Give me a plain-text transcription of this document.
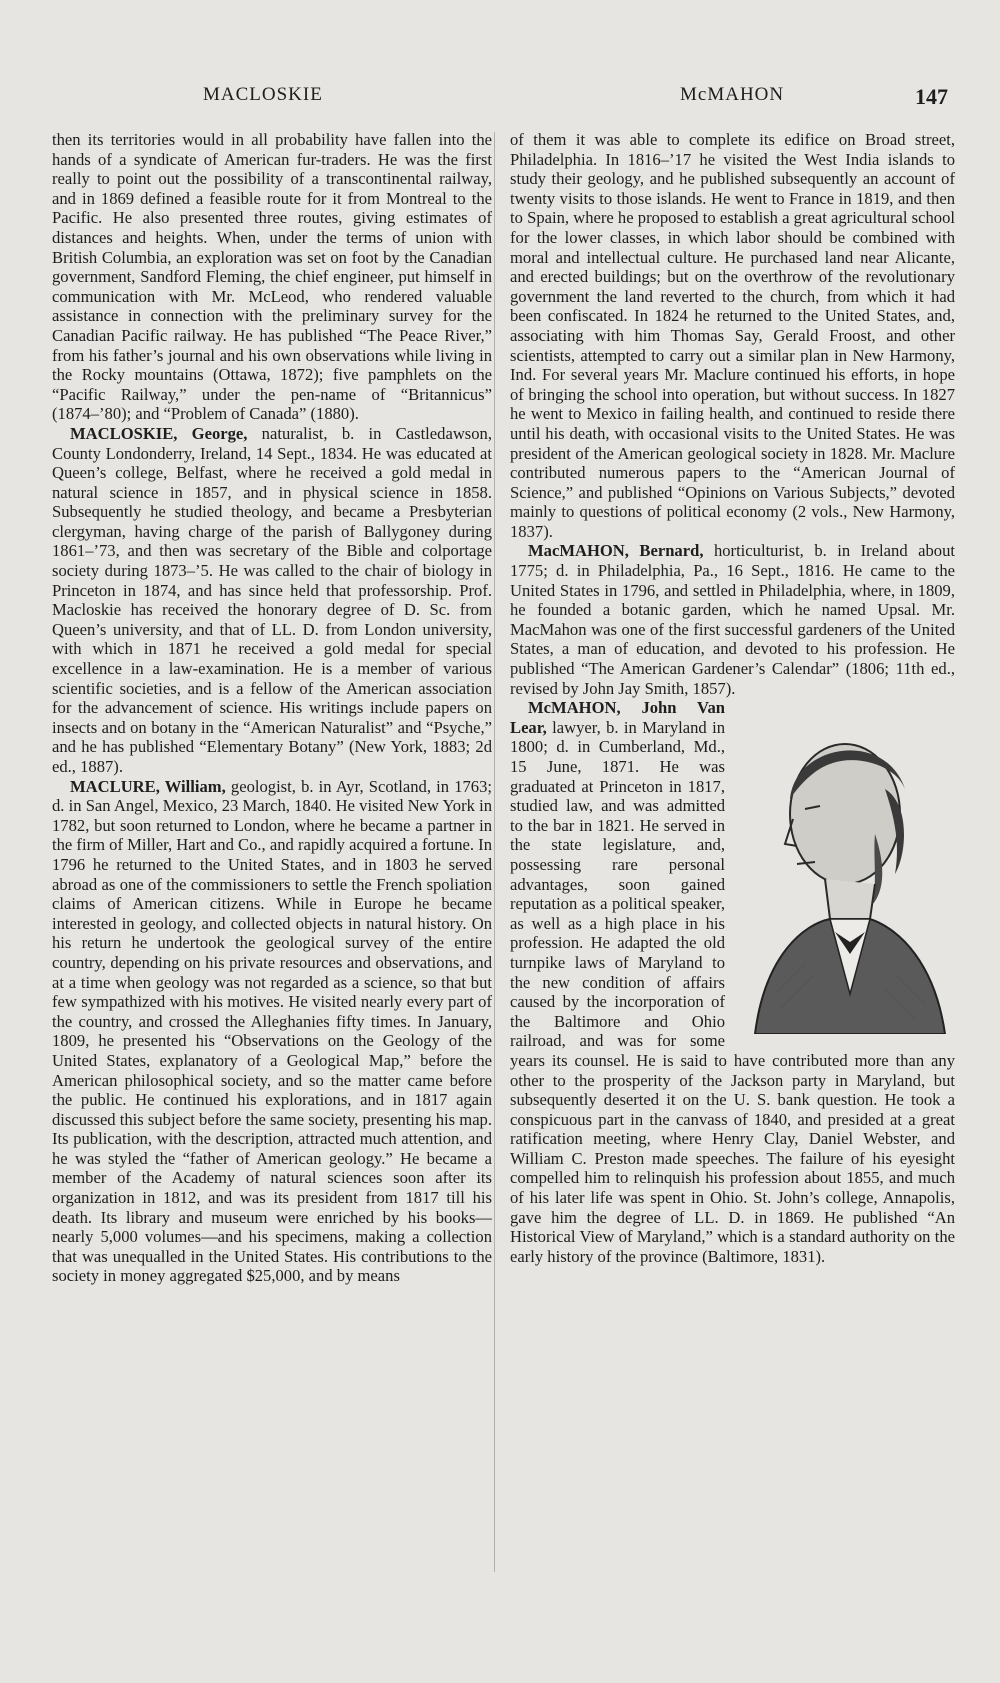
MACLOSKIE	McMAHON	147

then its territories would in all probability have fallen into the hands of a syndicate of American fur-traders. He was the first really to point out the possibility of a transcontinental railway, and in 1869 defined a feasible route for it from Montreal to the Pacific. He also presented three routes, giving estimates of distances and heights. When, under the terms of union with British Columbia, an exploration was set on foot by the Canadian government, Sandford Fleming, the chief engineer, put himself in communication with Mr. McLeod, who rendered valuable assistance in connection with the preliminary survey for the Canadian Pacific railway. He has published “The Peace River,” from his father’s journal and his own observations while living in the Rocky mountains (Ottawa, 1872); five pamphlets on the “Pacific Railway,” under the pen-name of “Britannicus” (1874–’80); and “Problem of Canada” (1880).

MACLOSKIE, George, naturalist, b. in Castledawson, County Londonderry, Ireland, 14 Sept., 1834. He was educated at Queen’s college, Belfast, where he received a gold medal in natural science in 1857, and in physical science in 1858. Subsequently he studied theology, and became a Presbyterian clergyman, having charge of the parish of Ballygoney during 1861–’73, and then was secretary of the Bible and colportage society during 1873–’5. He was called to the chair of biology in Princeton in 1874, and has since held that professorship. Prof. Macloskie has received the honorary degree of D. Sc. from Queen’s university, and that of LL. D. from London university, with which in 1871 he received a gold medal for special excellence in a law-examination. He is a member of various scientific societies, and is a fellow of the American association for the advancement of science. His writings include papers on insects and on botany in the “American Naturalist” and “Psyche,” and he has published “Elementary Botany” (New York, 1883; 2d ed., 1887).

MACLURE, William, geologist, b. in Ayr, Scotland, in 1763; d. in San Angel, Mexico, 23 March, 1840. He visited New York in 1782, but soon returned to London, where he became a partner in the firm of Miller, Hart and Co., and rapidly acquired a fortune. In 1796 he returned to the United States, and in 1803 he served abroad as one of the commissioners to settle the French spoliation claims of American citizens. While in Europe he became interested in geology, and collected objects in natural history. On his return he undertook the geological survey of the entire country, depending on his private resources and observations, and at a time when geology was not regarded as a science, so that but few sympathized with his motives. He visited nearly every part of the country, and crossed the Alleghanies fifty times. In January, 1809, he presented his “Observations on the Geology of the United States, explanatory of a Geological Map,” before the American philosophical society, and so the matter came before the public. He continued his explorations, and in 1817 again discussed this subject before the same society, presenting his map. Its publication, with the description, attracted much attention, and he was styled the “father of American geology.” He became a member of the Academy of natural sciences soon after its organization in 1812, and was its president from 1817 till his death. Its library and museum were enriched by his books—nearly 5,000 volumes—and his specimens, making a collection that was unequalled in the United States. His contributions to the society in money aggregated $25,000, and by means

of them it was able to complete its edifice on Broad street, Philadelphia. In 1816–’17 he visited the West India islands to study their geology, and he published subsequently an account of twenty visits to those islands. He went to France in 1819, and then to Spain, where he proposed to establish a great agricultural school for the lower classes, in which labor should be combined with moral and intellectual culture. He purchased land near Alicante, and erected buildings; but on the overthrow of the revolutionary government the land reverted to the church, from which it had been confiscated. In 1824 he returned to the United States, and, associating with him Thomas Say, Gerald Froost, and other scientists, attempted to carry out a similar plan in New Harmony, Ind. For several years Mr. Maclure continued his efforts, in hope of bringing the school into operation, but without success. In 1827 he went to Mexico in failing health, and continued to reside there until his death, with occasional visits to the United States. He was president of the American geological society in 1828. Mr. Maclure contributed numerous papers to the “American Journal of Science,” and published “Opinions on Various Subjects,” devoted mainly to questions of political economy (2 vols., New Harmony, 1837).

MacMAHON, Bernard, horticulturist, b. in Ireland about 1775; d. in Philadelphia, Pa., 16 Sept., 1816. He came to the United States in 1796, and settled in Philadelphia, where, in 1809, he founded a botanic garden, which he named Upsal. Mr. MacMahon was one of the first successful gardeners of the United States, a man of education, and devoted to his profession. He published “The American Gardener’s Calendar” (1806; 11th ed., revised by John Jay Smith, 1857).

McMAHON, John Van Lear, lawyer, b. in Maryland in 1800; d. in Cumberland, Md., 15 June, 1871. He was graduated at Princeton in 1817, studied law, and was admitted to the bar in 1821. He served in the state legislature, and, possessing rare personal advantages, soon gained reputation as a political speaker, as well as a high place in his profession. He adapted the old turnpike laws of Maryland to the new condition of affairs caused by the incorporation of the Baltimore and Ohio railroad, and was for some years its counsel. He is said to have contributed more than any other to the prosperity of the Jackson party in Maryland, but subsequently deserted it on the U. S. bank question. He took a conspicuous part in the canvass of 1840, and presided at a great ratification meeting, where Henry Clay, Daniel Webster, and William C. Preston made speeches. The failure of his eyesight compelled him to relinquish his profession about 1855, and much of his later life was spent in Ohio. St. John’s college, Annapolis, gave him the degree of LL. D. in 1869. He published “An Historical View of Maryland,” which is a standard authority on the early history of the province (Baltimore, 1831).
